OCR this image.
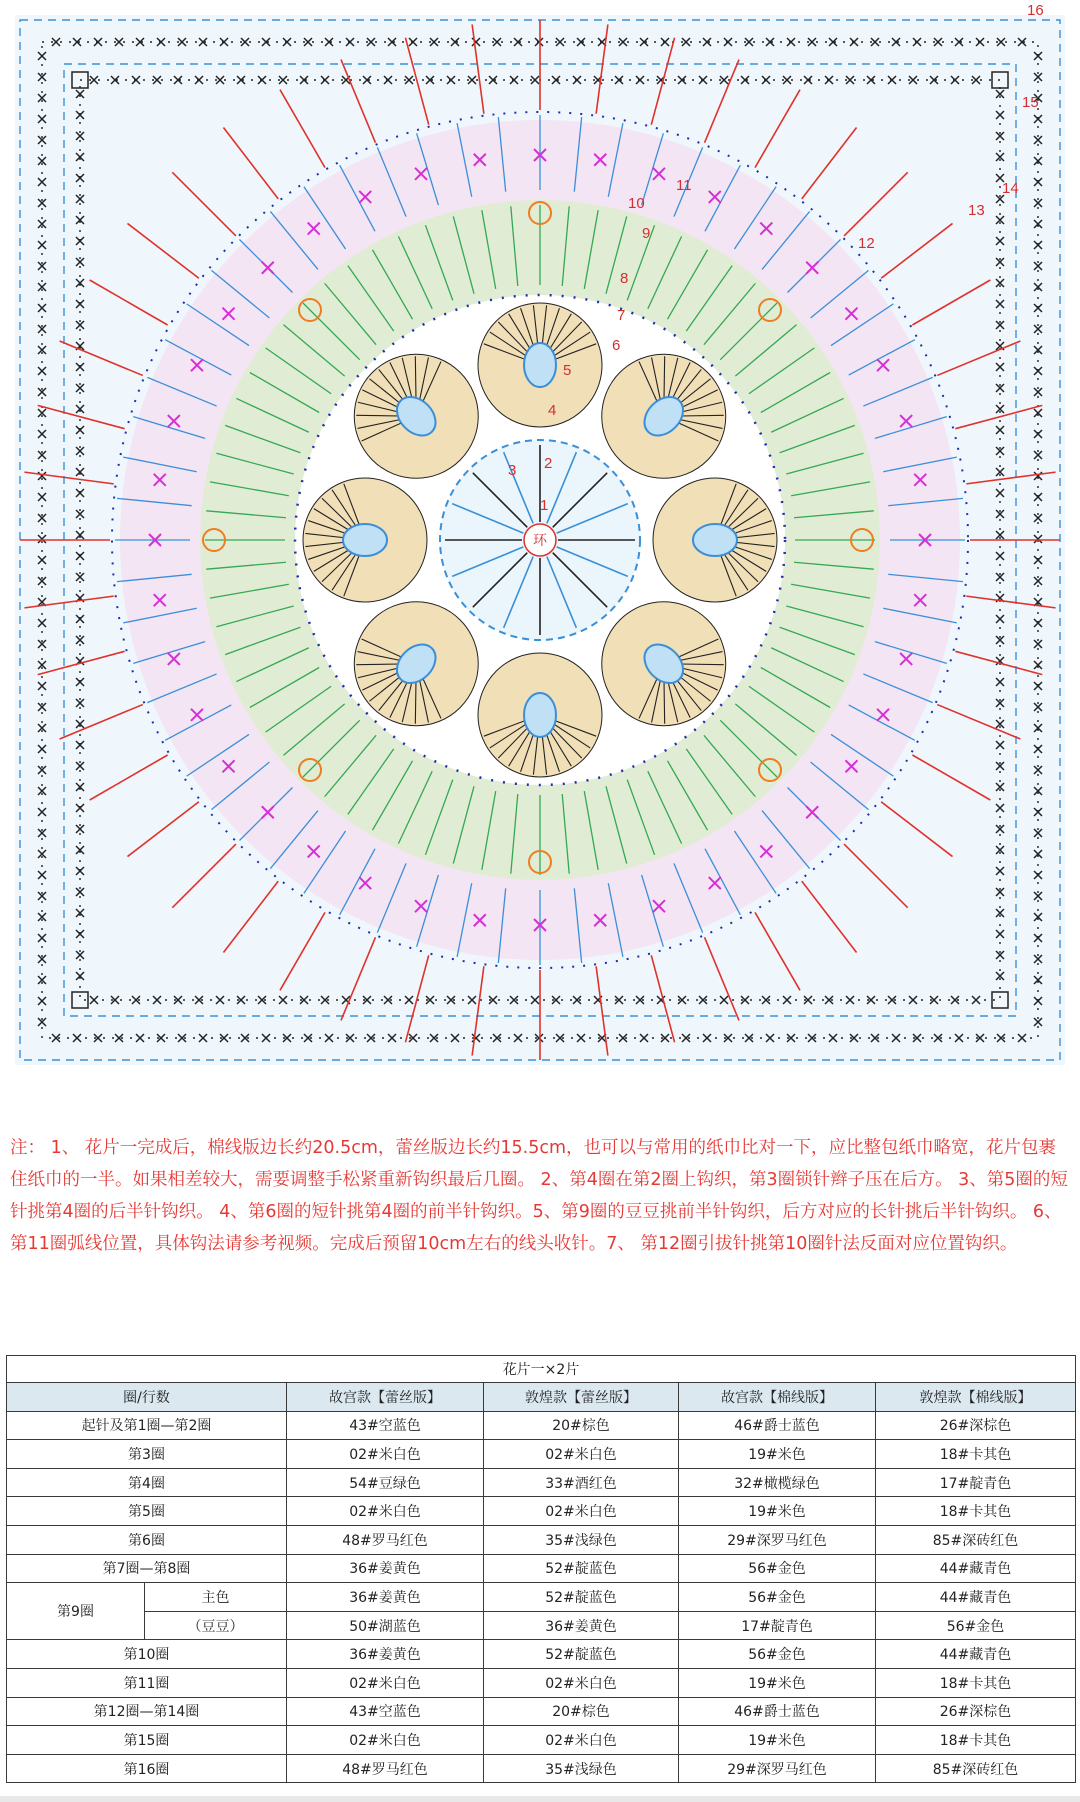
环
1
2
3
4
5
6
7
8
9
10
11
12
13
14
15
16

注： 1、 花片一完成后，棉线版边长约20.5cm，蕾丝版边长约15.5cm，也可以与常用的纸巾比对一下，应比整包纸巾略宽，花片包裹住纸巾的一半。如果相差较大，需要调整手松紧重新钩织最后几圈。 2、第4圈在第2圈上钩织，第3圈锁针辫子压在后方。 3、第5圈的短针挑第4圈的后半针钩织。 4、第6圈的短针挑第4圈的前半针钩织。5、第9圈的豆豆挑前半针钩织，后方对应的长针挑后半针钩织。 6、第11圈弧线位置，具体钩法请参考视频。完成后预留10cm左右的线头收针。7、 第12圈引拔针挑第10圈针法反面对应位置钩织。

花片一×2片					
圈/行数		故宫款【蕾丝版】	敦煌款【蕾丝版】	故宫款【棉线版】	敦煌款【棉线版】
起针及第1圈—第2圈		43#空蓝色	20#棕色	46#爵士蓝色	26#深棕色
第3圈		02#米白色	02#米白色	19#米色	18#卡其色
第4圈		54#豆绿色	33#酒红色	32#橄榄绿色	17#靛青色
第5圈		02#米白色	02#米白色	19#米色	18#卡其色
第6圈		48#罗马红色	35#浅绿色	29#深罗马红色	85#深砖红色
第7圈—第8圈		36#姜黄色	52#靛蓝色	56#金色	44#藏青色
第9圈	主色	36#姜黄色	52#靛蓝色	56#金色	44#藏青色
	（豆豆）	50#湖蓝色	36#姜黄色	17#靛青色	56#金色
第10圈		36#姜黄色	52#靛蓝色	56#金色	44#藏青色
第11圈		02#米白色	02#米白色	19#米色	18#卡其色
第12圈—第14圈		43#空蓝色	20#棕色	46#爵士蓝色	26#深棕色
第15圈		02#米白色	02#米白色	19#米色	18#卡其色
第16圈		48#罗马红色	35#浅绿色	29#深罗马红色	85#深砖红色
